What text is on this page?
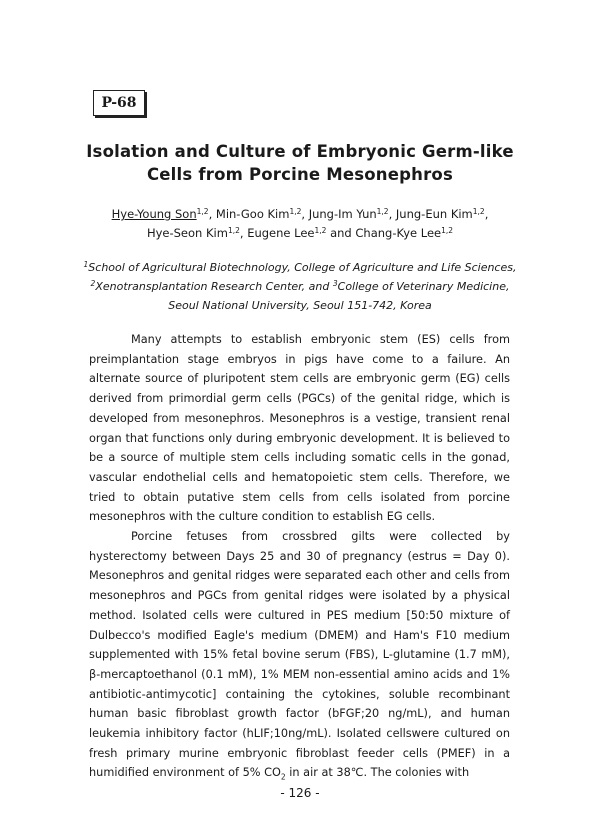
P-68
Isolation and Culture of Embryonic Germ-like
Cells from Porcine Mesonephros
Hye-Young Son$^{1,2}$, Min-Goo Kim$^{1,2}$, Jung-Im Yun$^{1,2}$, Jung-Eun Kim$^{1,2}$,
Hye-Seon Kim$^{1,2}$, Eugene Lee$^{1,2}$ and Chang-Kye Lee$^{1,2}$
$^1$School of Agricultural Biotechnology, College of Agriculture and Life Sciences,
$^2$Xenotransplantation Research Center, and $^3$College of Veterinary Medicine,
Seoul National University, Seoul 151-742, Korea

Many attempts to establish embryonic stem (ES) cells from preimplantation stage embryos in pigs have come to a failure. An alternate source of pluripotent stem cells are embryonic germ (EG) cells derived from primordial germ cells (PGCs) of the genital ridge, which is developed from mesonephros. Mesonephros is a vestige, transient renal organ that functions only during embryonic development. It is believed to be a source of multiple stem cells including somatic cells in the gonad, vascular endothelial cells and hematopoietic stem cells. Therefore, we tried to obtain putative stem cells from cells isolated from porcine mesonephros with the culture condition to establish EG cells.

Porcine fetuses from crossbred gilts were collected by hysterectomy between Days 25 and 30 of pregnancy (estrus = Day 0). Mesonephros and genital ridges were separated each other and cells from mesonephros and PGCs from genital ridges were isolated by a physical method. Isolated cells were cultured in PES medium [50:50 mixture of Dulbecco's modified Eagle's medium (DMEM) and Ham's F10 medium supplemented with 15% fetal bovine serum (FBS), L-glutamine (1.7 mM), β-mercaptoethanol (0.1 mM), 1% MEM non-essential amino acids and 1% antibiotic-antimycotic] containing the cytokines, soluble recombinant human basic fibroblast growth factor (bFGF;20 ng/mL), and human leukemia inhibitory factor (hLIF;10ng/mL). Isolated cellswere cultured on fresh primary murine embryonic fibroblast feeder cells (PMEF) in a humidified environment of 5% $CO_2$ in air at 38℃. The colonies with

- 126 -
